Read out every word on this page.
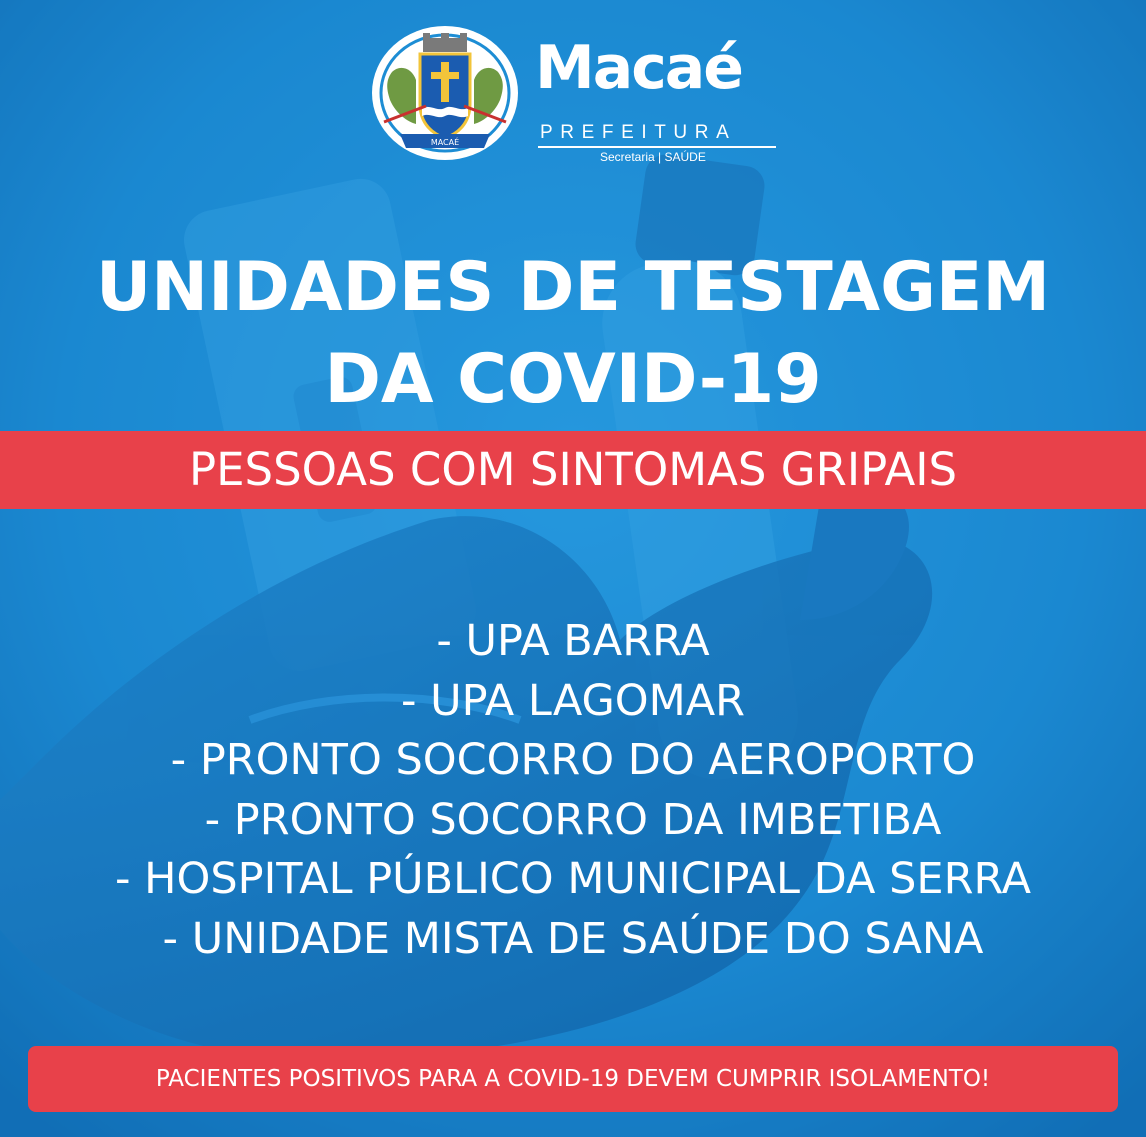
MACAÉ
Macaé
PREFEITURA
Secretaria | SAÚDE
UNIDADES DE TESTAGEM
DA COVID-19
PESSOAS COM SINTOMAS GRIPAIS
- UPA BARRA
- UPA LAGOMAR
- PRONTO SOCORRO DO AEROPORTO
- PRONTO SOCORRO DA IMBETIBA
- HOSPITAL PÚBLICO MUNICIPAL DA SERRA
- UNIDADE MISTA DE SAÚDE DO SANA
PACIENTES POSITIVOS PARA A COVID-19 DEVEM CUMPRIR ISOLAMENTO!
